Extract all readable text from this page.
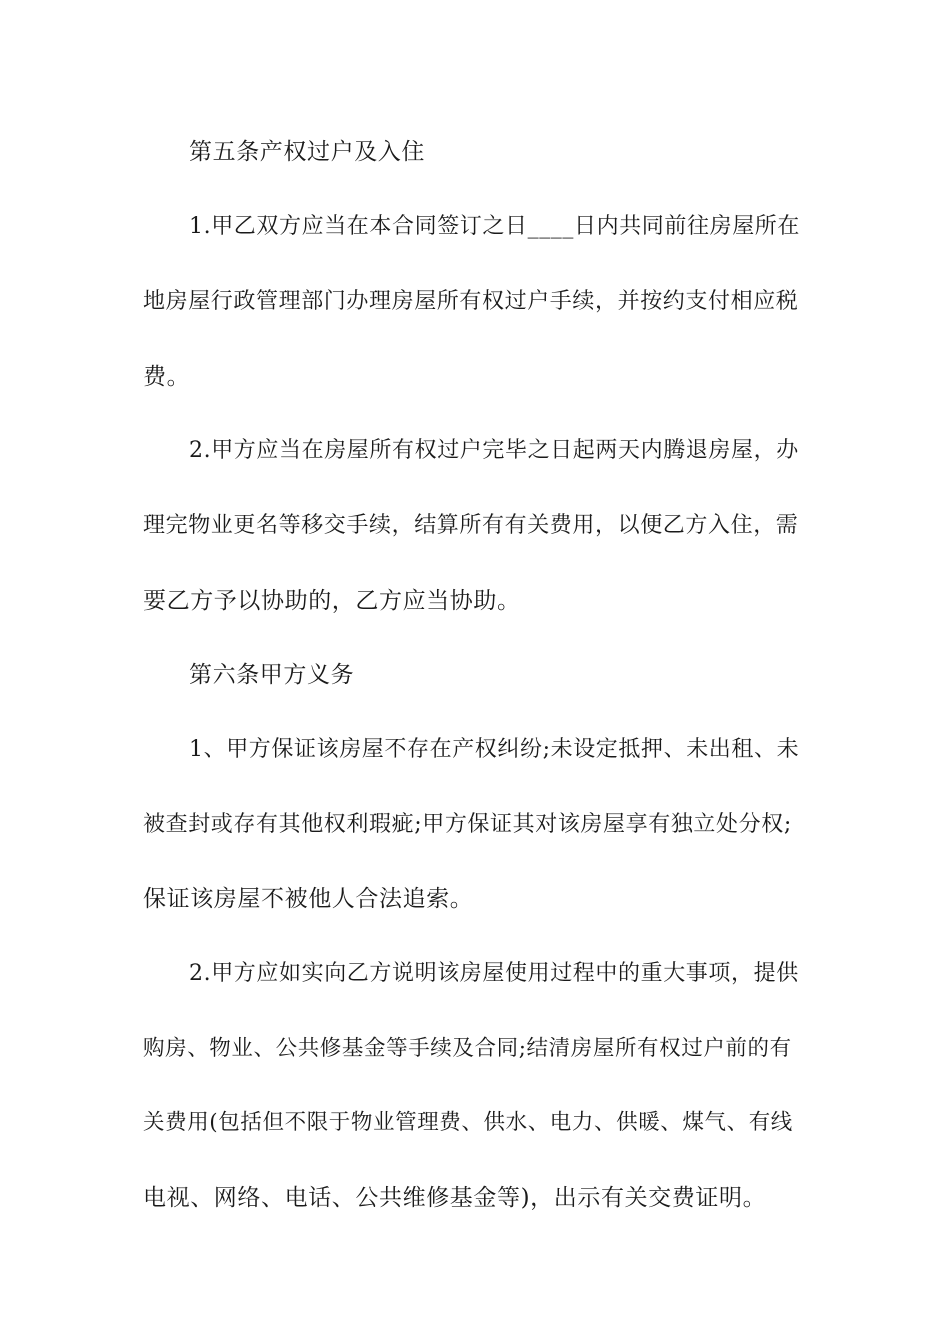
第五条产权过户及入住
1.甲乙双方应当在本合同签订之日____日内共同前往房屋所在
地房屋行政管理部门办理房屋所有权过户手续，并按约支付相应税
费。
2.甲方应当在房屋所有权过户完毕之日起两天内腾退房屋，办
理完物业更名等移交手续，结算所有有关费用，以便乙方入住，需
要乙方予以协助的，乙方应当协助。
第六条甲方义务
1、甲方保证该房屋不存在产权纠纷;未设定抵押、未出租、未
被查封或存有其他权利瑕疵;甲方保证其对该房屋享有独立处分权;
保证该房屋不被他人合法追索。
2.甲方应如实向乙方说明该房屋使用过程中的重大事项，提供
购房、物业、公共修基金等手续及合同;结清房屋所有权过户前的有
关费用(包括但不限于物业管理费、供水、电力、供暖、煤气、有线
电视、网络、电话、公共维修基金等)，出示有关交费证明。
